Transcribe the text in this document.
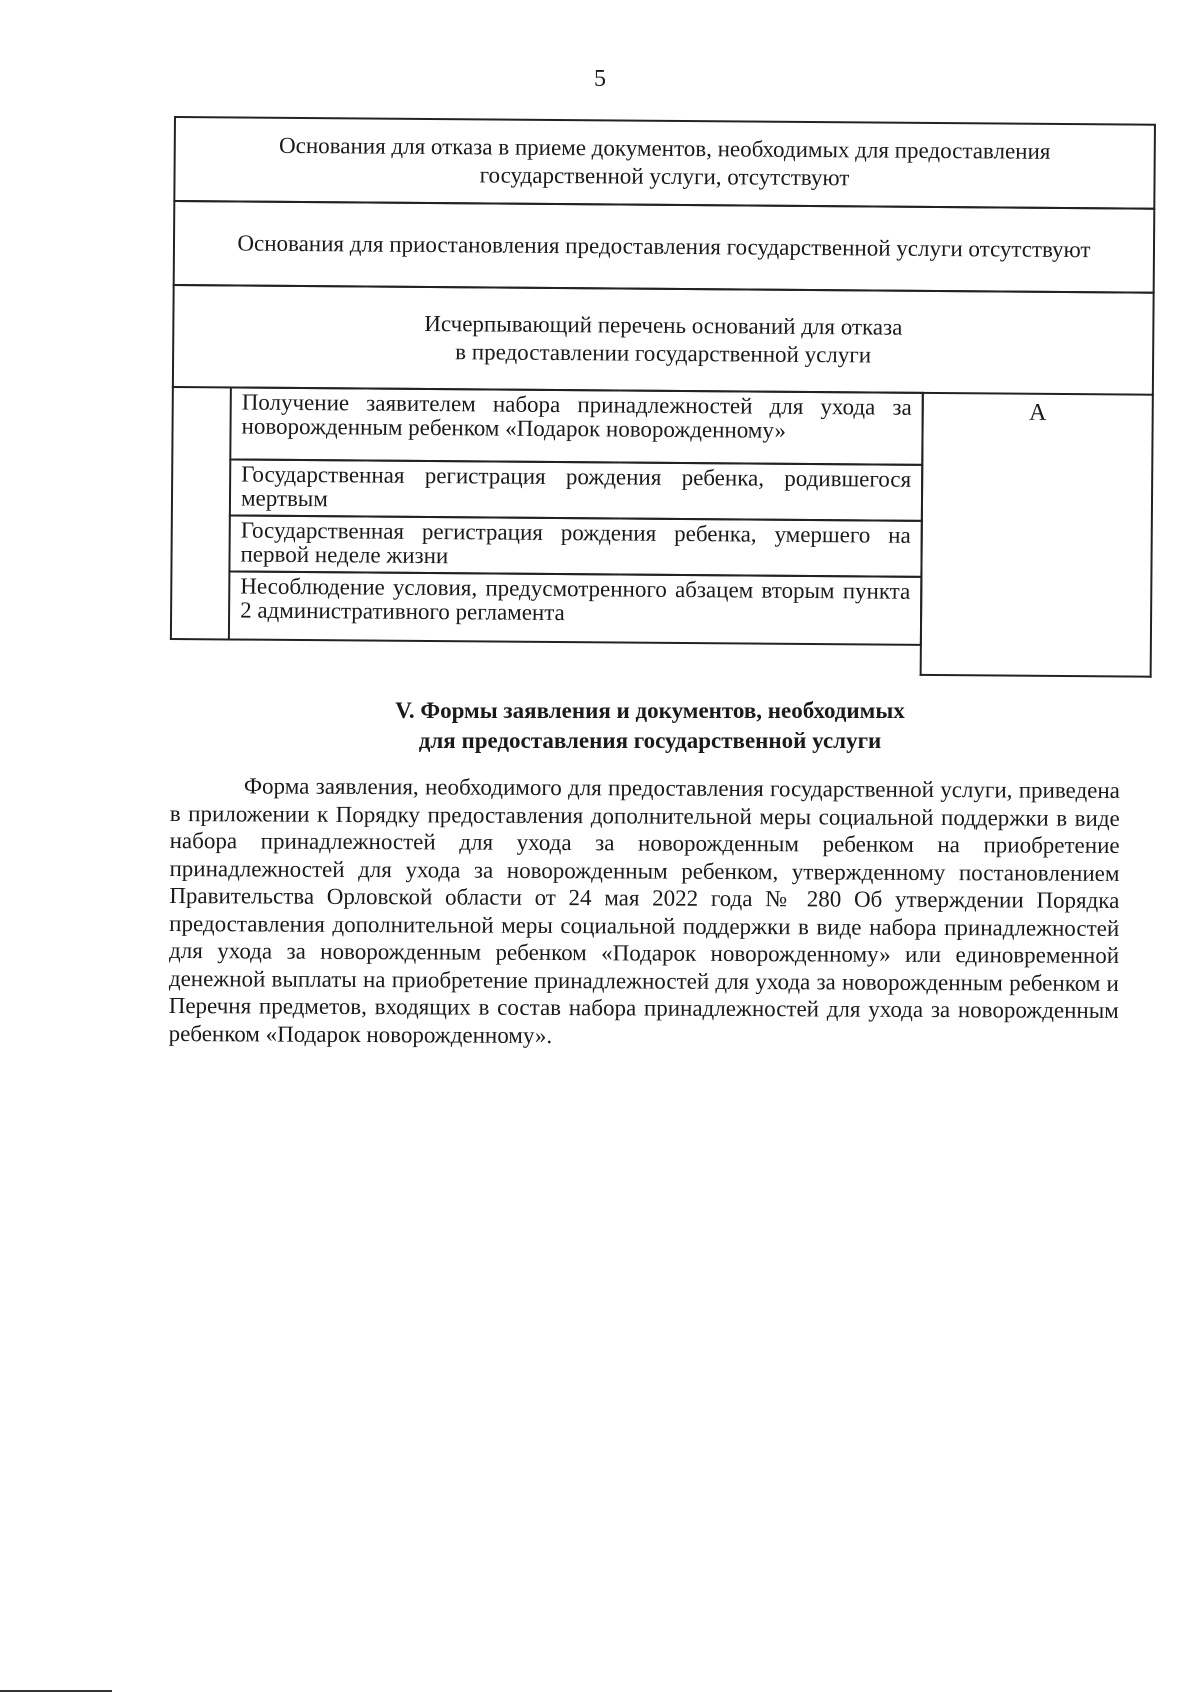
5
Основания для отказа в приеме документов, необходимых для предоставления государственной услуги, отсутствуют
Основания для приостановления предоставления государственной услуги отсутствуют
Исчерпывающий перечень оснований для отказа
в предоставлении государственной услуги
Получение заявителем набора принадлежностей для ухода за новорожденным ребенком «Подарок новорожденному»
Государственная регистрация рождения ребенка, родившегося мертвым
Государственная регистрация рождения ребенка, умершего на первой неделе жизни
Несоблюдение условия, предусмотренного абзацем вторым пункта 2 административного регламента
А
V. Формы заявления и документов, необходимых
для предоставления государственной услуги
Форма заявления, необходимого для предоставления государственной услуги, приведена в приложении к Порядку предоставления дополнительной меры социальной поддержки в виде набора принадлежностей для ухода за новорожденным ребенком на приобретение принадлежностей для ухода за новорожденным ребенком, утвержденному постановлением Правительства Орловской области от 24 мая 2022 года № 280 Об утверждении Порядка предоставления дополнительной меры социальной поддержки в виде набора принадлежностей для ухода за новорожденным ребенком «Подарок новорожденному» или единовременной денежной выплаты на приобретение принадлежностей для ухода за новорожденным ребенком и Перечня предметов, входящих в состав набора принадлежностей для ухода за новорожденным ребенком «Подарок новорожденному».
